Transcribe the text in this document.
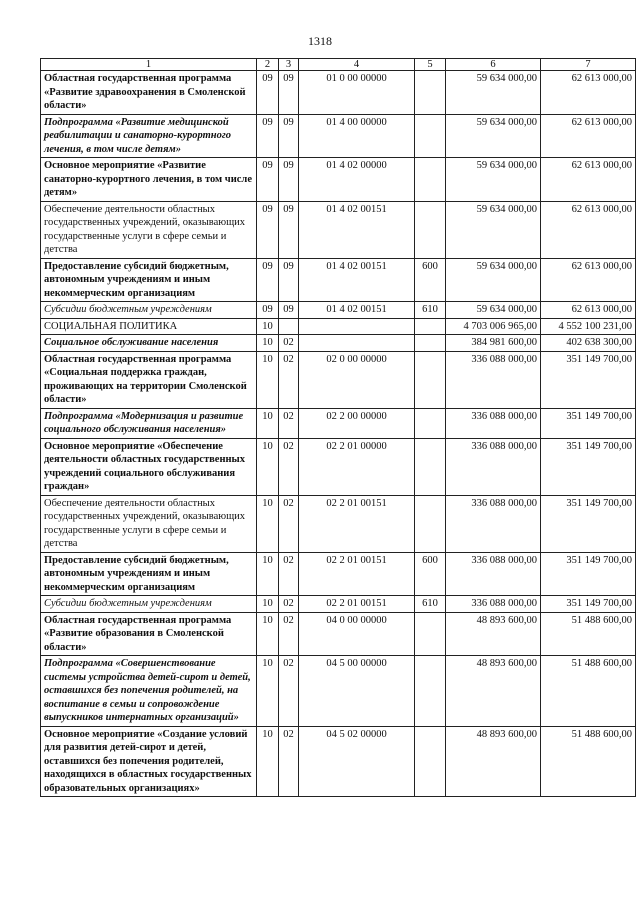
1318
1	2	3	4	5	6	7
Областная государственная программа «Развитие здравоохранения в Смоленской области»	09	09	01 0 00 00000		59 634 000,00	62 613 000,00
Подпрограмма «Развитие медицинской реабилитации и санаторно-курортного лечения, в том числе детям»	09	09	01 4 00 00000		59 634 000,00	62 613 000,00
Основное мероприятие «Развитие санаторно-курортного лечения, в том числе детям»	09	09	01 4 02 00000		59 634 000,00	62 613 000,00
Обеспечение деятельности областных государственных учреждений, оказывающих государственные услуги в сфере семьи и детства	09	09	01 4 02 00151		59 634 000,00	62 613 000,00
Предоставление субсидий бюджетным, автономным учреждениям и иным некоммерческим организациям	09	09	01 4 02 00151	600	59 634 000,00	62 613 000,00
Субсидии бюджетным учреждениям	09	09	01 4 02 00151	610	59 634 000,00	62 613 000,00
СОЦИАЛЬНАЯ ПОЛИТИКА	10				4 703 006 965,00	4 552 100 231,00
Социальное обслуживание населения	10	02			384 981 600,00	402 638 300,00
Областная государственная программа «Социальная поддержка граждан, проживающих на территории Смоленской области»	10	02	02 0 00 00000		336 088 000,00	351 149 700,00
Подпрограмма «Модернизация и развитие социального обслуживания населения»	10	02	02 2 00 00000		336 088 000,00	351 149 700,00
Основное мероприятие «Обеспечение деятельности областных государственных учреждений социального обслуживания граждан»	10	02	02 2 01 00000		336 088 000,00	351 149 700,00
Обеспечение деятельности областных государственных учреждений, оказывающих государственные услуги в сфере семьи и детства	10	02	02 2 01 00151		336 088 000,00	351 149 700,00
Предоставление субсидий бюджетным, автономным учреждениям и иным некоммерческим организациям	10	02	02 2 01 00151	600	336 088 000,00	351 149 700,00
Субсидии бюджетным учреждениям	10	02	02 2 01 00151	610	336 088 000,00	351 149 700,00
Областная государственная программа «Развитие образования в Смоленской области»	10	02	04 0 00 00000		48 893 600,00	51 488 600,00
Подпрограмма «Совершенствование системы устройства детей-сирот и детей, оставшихся без попечения родителей, на воспитание в семьи и сопровождение выпускников интернатных организаций»	10	02	04 5 00 00000		48 893 600,00	51 488 600,00
Основное мероприятие «Создание условий для развития детей-сирот и детей, оставшихся без попечения родителей, находящихся в областных государственных образовательных организациях»	10	02	04 5 02 00000		48 893 600,00	51 488 600,00
